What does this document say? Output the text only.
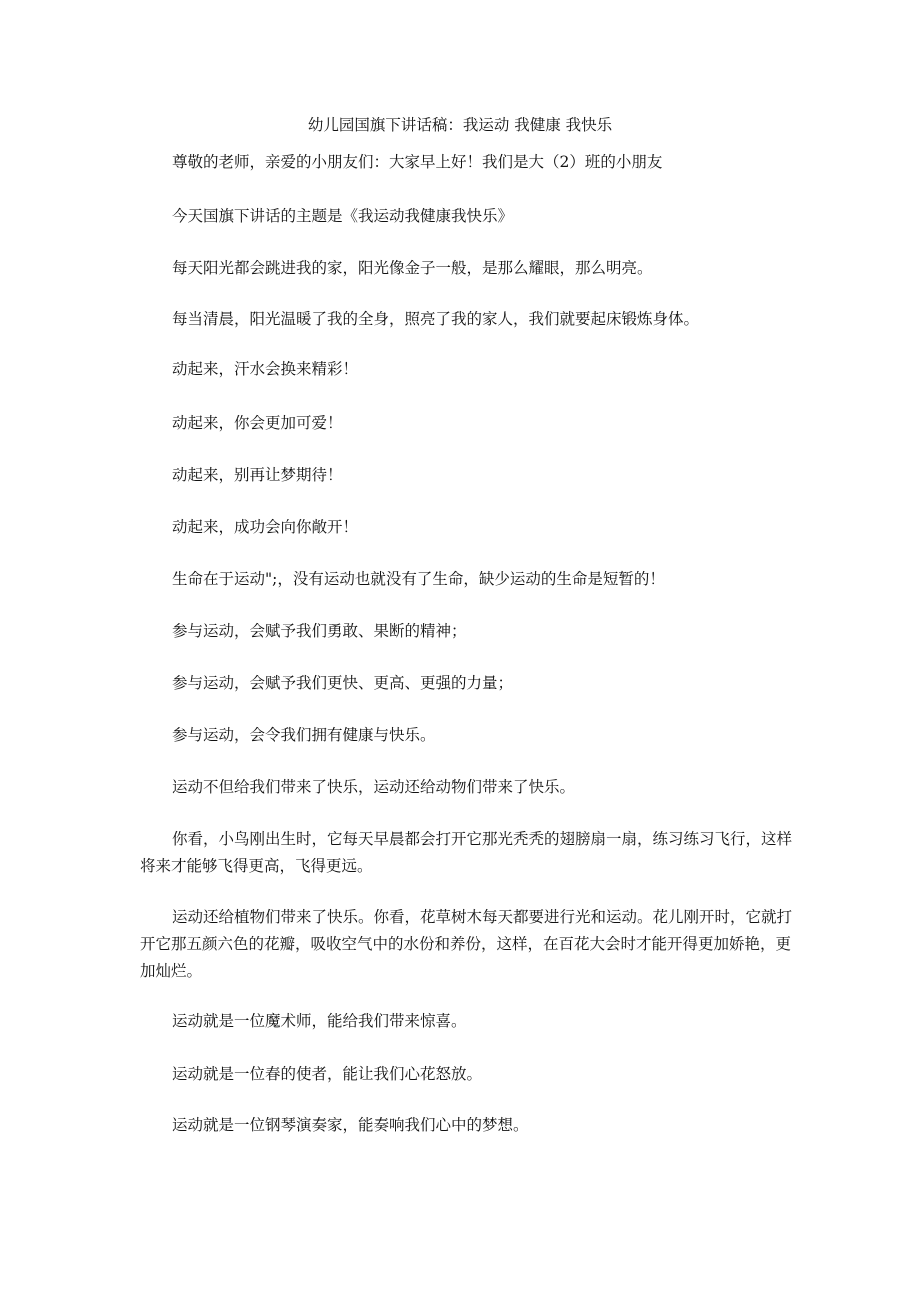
幼儿园国旗下讲话稿：我运动 我健康 我快乐
尊敬的老师，亲爱的小朋友们：大家早上好！我们是大（2）班的小朋友
今天国旗下讲话的主题是《我运动我健康我快乐》
每天阳光都会跳进我的家，阳光像金子一般，是那么耀眼，那么明亮。
每当清晨，阳光温暖了我的全身，照亮了我的家人，我们就要起床锻炼身体。
动起来，汗水会换来精彩！
动起来，你会更加可爱！
动起来，别再让梦期待！
动起来，成功会向你敞开！
生命在于运动";，没有运动也就没有了生命，缺少运动的生命是短暂的！
参与运动，会赋予我们勇敢、果断的精神；
参与运动，会赋予我们更快、更高、更强的力量；
参与运动，会令我们拥有健康与快乐。
运动不但给我们带来了快乐，运动还给动物们带来了快乐。
你看，小鸟刚出生时，它每天早晨都会打开它那光秃秃的翅膀扇一扇，练习练习飞行，这样将来才能够飞得更高，飞得更远。
运动还给植物们带来了快乐。你看，花草树木每天都要进行光和运动。花儿刚开时，它就打开它那五颜六色的花瓣，吸收空气中的水份和养份，这样，在百花大会时才能开得更加娇艳，更加灿烂。
运动就是一位魔术师，能给我们带来惊喜。
运动就是一位春的使者，能让我们心花怒放。
运动就是一位钢琴演奏家，能奏响我们心中的梦想。
